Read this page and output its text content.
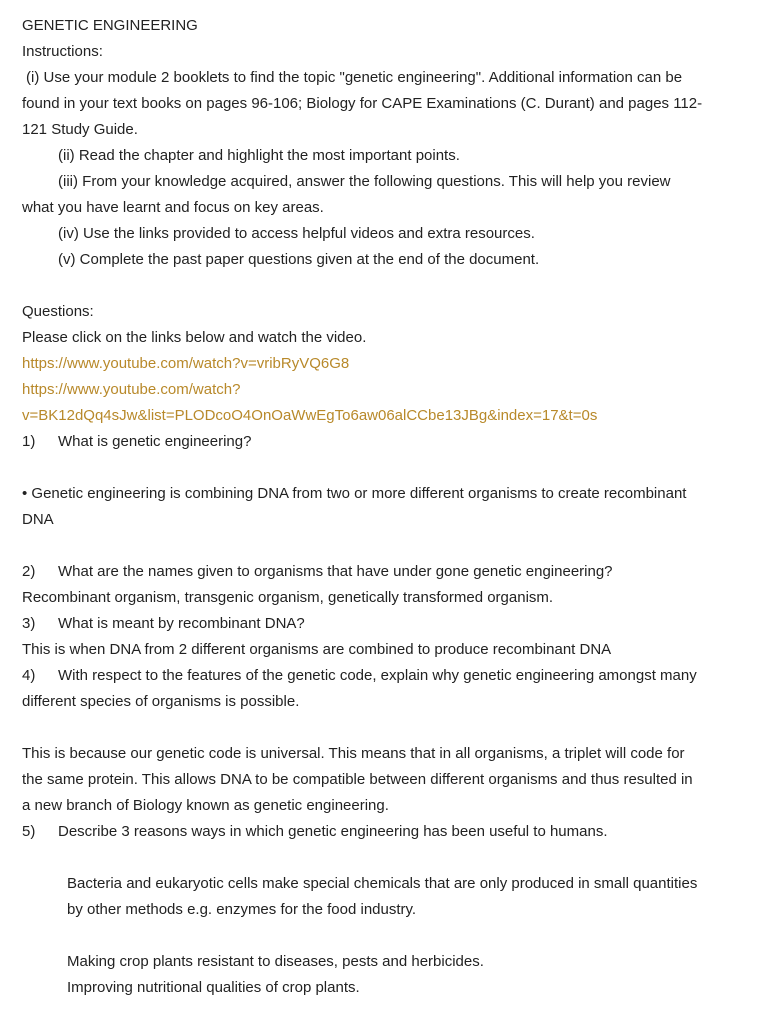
GENETIC ENGINEERING
Instructions:
(i) Use your module 2 booklets to find the topic "genetic engineering". Additional information can be
found in your text books on pages 96-106; Biology for CAPE Examinations (C. Durant) and pages 112-
121 Study Guide.
(ii) Read the chapter and highlight the most important points.
(iii) From your knowledge acquired, answer the following questions. This will help you review
what you have learnt and focus on key areas.
(iv) Use the links provided to access helpful videos and extra resources.
(v) Complete the past paper questions given at the end of the document.
Questions:
Please click on the links below and watch the video.
https://www.youtube.com/watch?v=vribRyVQ6G8
https://www.youtube.com/watch?
v=BK12dQq4sJw&list=PLODcoO4OnOaWwEgTo6aw06alCCbe13JBg&index=17&t=0s
1) What is genetic engineering?
• Genetic engineering is combining DNA from two or more different organisms to create recombinant
DNA
2) What are the names given to organisms that have under gone genetic engineering?
Recombinant organism, transgenic organism, genetically transformed organism.
3) What is meant by recombinant DNA?
This is when DNA from 2 different organisms are combined to produce recombinant DNA
4) With respect to the features of the genetic code, explain why genetic engineering amongst many
different species of organisms is possible.
This is because our genetic code is universal. This means that in all organisms, a triplet will code for
the same protein. This allows DNA to be compatible between different organisms and thus resulted in
a new branch of Biology known as genetic engineering.
5) Describe 3 reasons ways in which genetic engineering has been useful to humans.
Bacteria and eukaryotic cells make special chemicals that are only produced in small quantities
by other methods e.g. enzymes for the food industry.
Making crop plants resistant to diseases, pests and herbicides.
Improving nutritional qualities of crop plants.
